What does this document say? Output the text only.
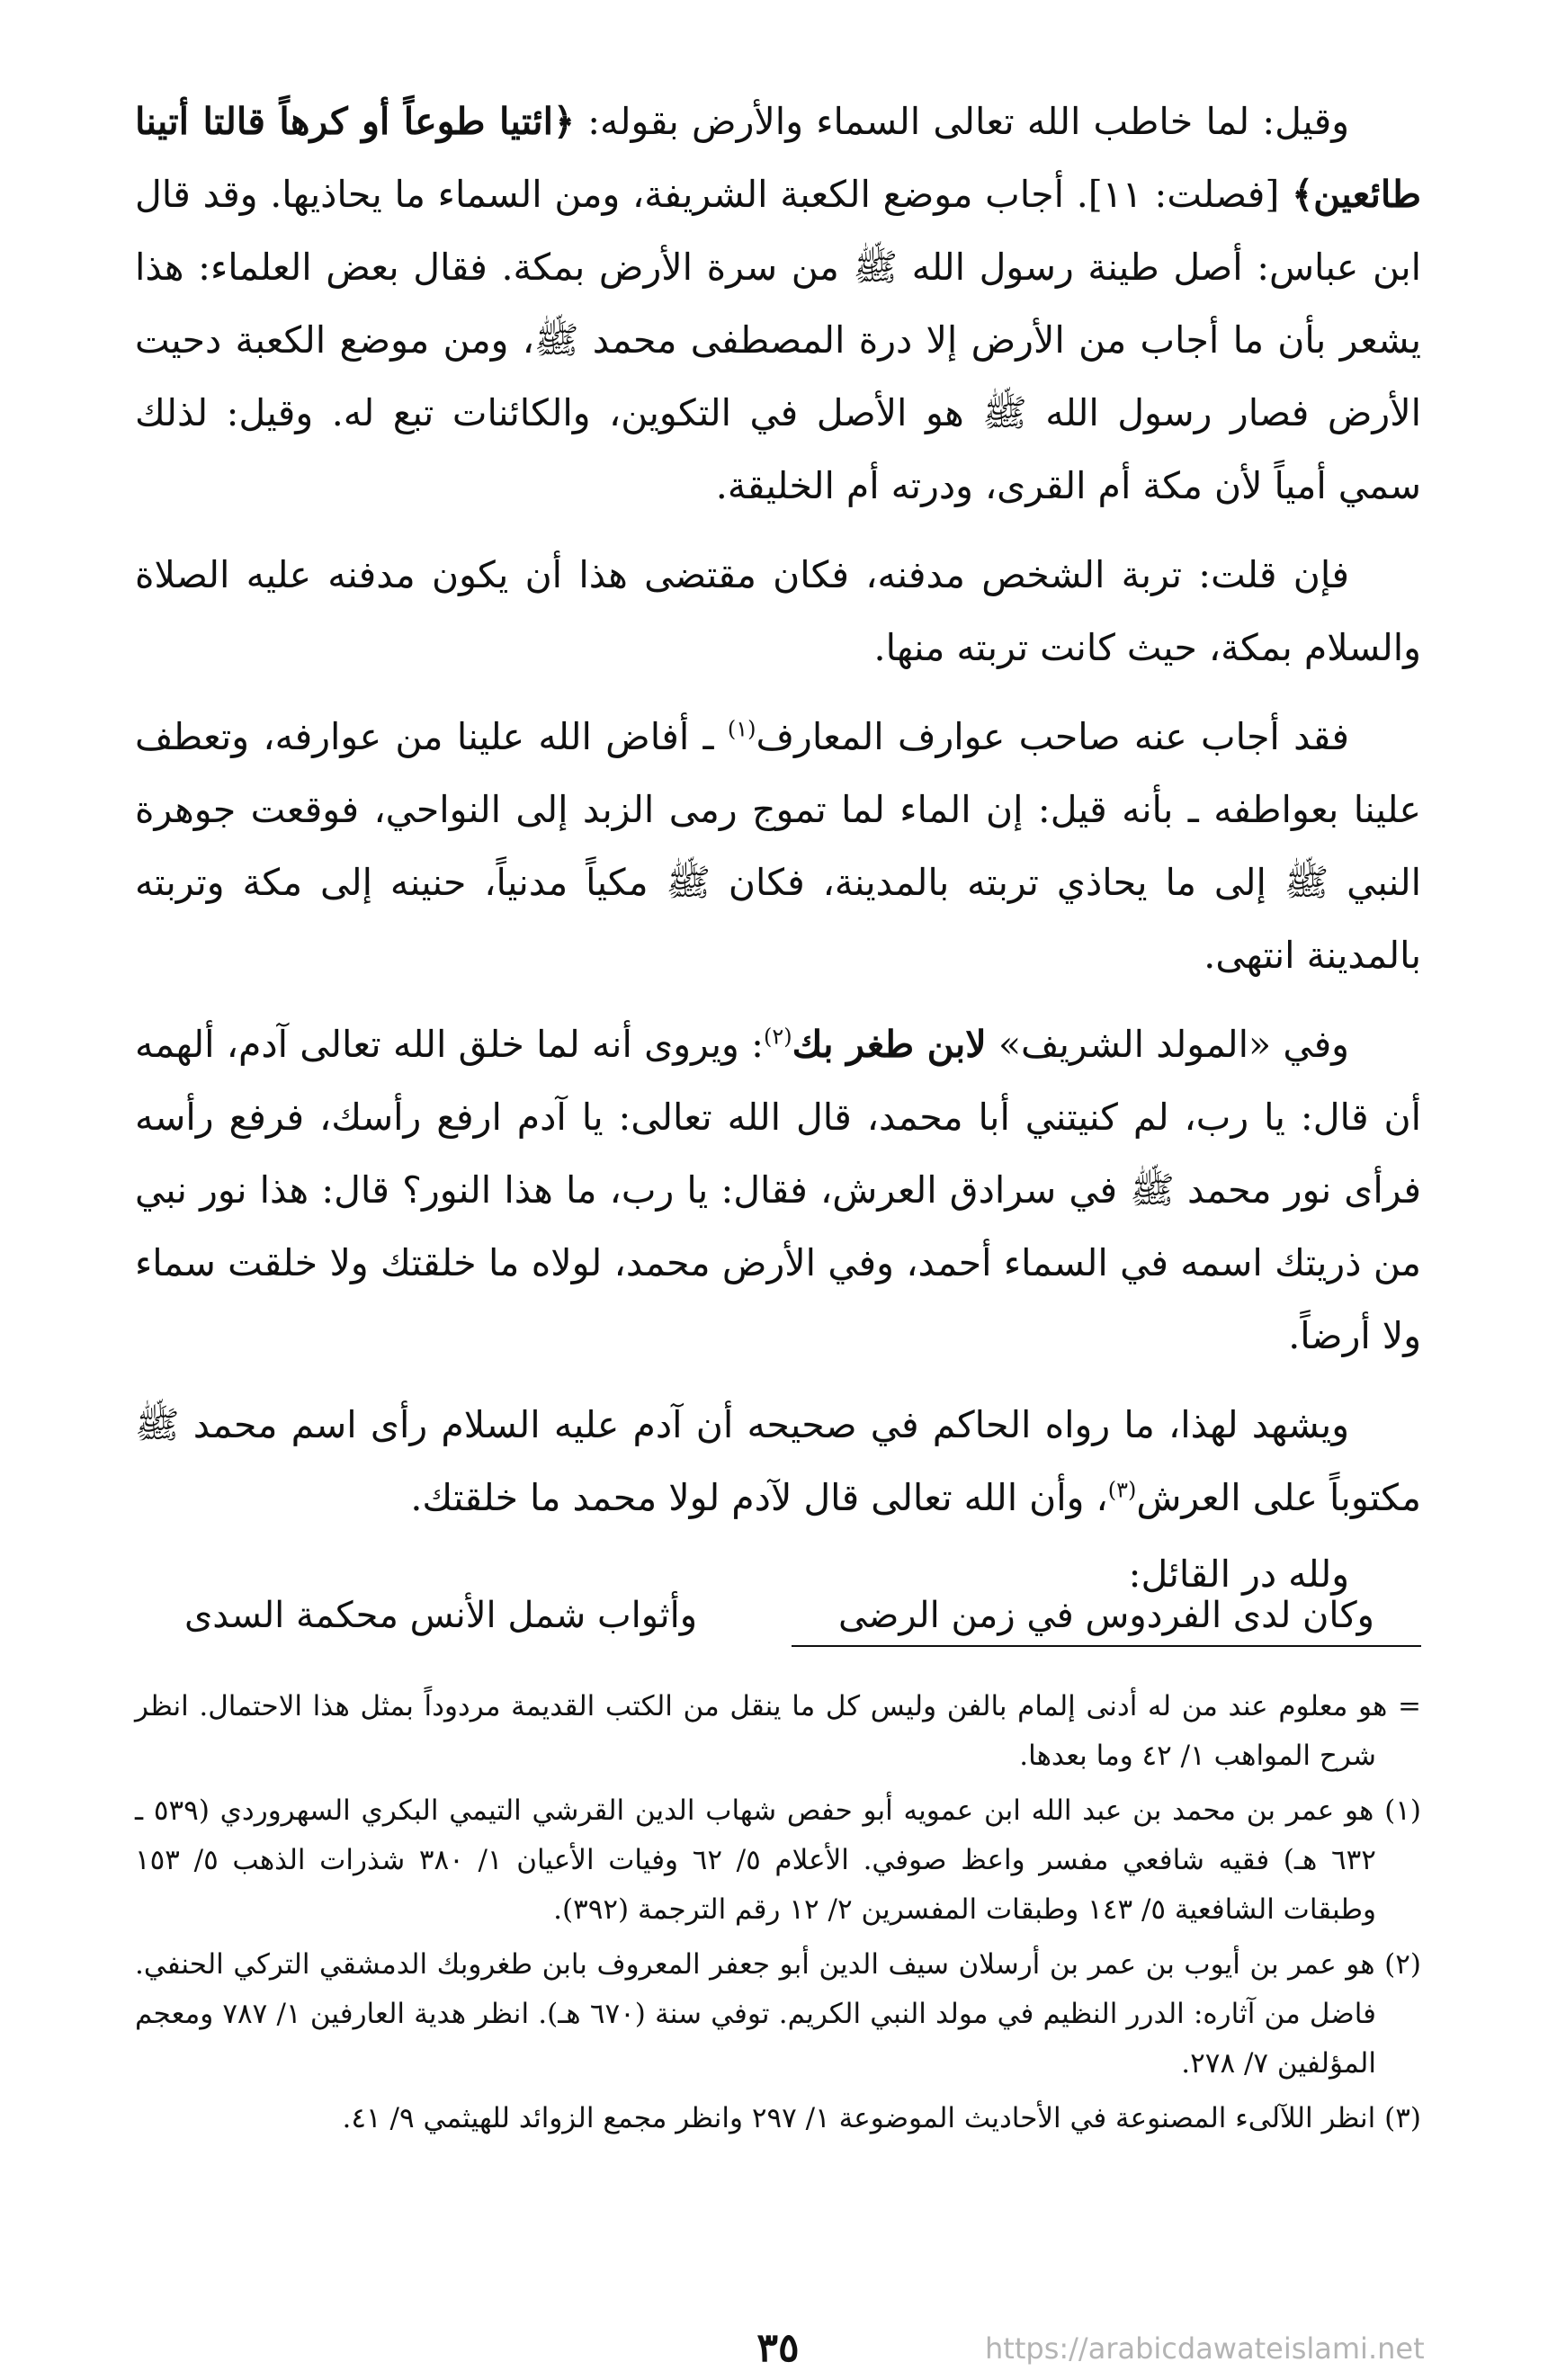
وقيل: لما خاطب الله تعالى السماء والأرض بقوله: ﴿ائتيا طوعاً أو كرهاً قالتا أتينا طائعين﴾ [فصلت: ١١]. أجاب موضع الكعبة الشريفة، ومن السماء ما يحاذيها. وقد قال ابن عباس: أصل طينة رسول الله ﷺ من سرة الأرض بمكة. فقال بعض العلماء: هذا يشعر بأن ما أجاب من الأرض إلا درة المصطفى محمد ﷺ، ومن موضع الكعبة دحيت الأرض فصار رسول الله ﷺ هو الأصل في التكوين، والكائنات تبع له. وقيل: لذلك سمي أمياً لأن مكة أم القرى، ودرته أم الخليقة.

فإن قلت: تربة الشخص مدفنه، فكان مقتضى هذا أن يكون مدفنه عليه الصلاة والسلام بمكة، حيث كانت تربته منها.

فقد أجاب عنه صاحب عوارف المعارف$^{(١)}$ ـ أفاض الله علينا من عوارفه، وتعطف علينا بعواطفه ـ بأنه قيل: إن الماء لما تموج رمى الزبد إلى النواحي، فوقعت جوهرة النبي ﷺ إلى ما يحاذي تربته بالمدينة، فكان ﷺ مكياً مدنياً، حنينه إلى مكة وتربته بالمدينة انتهى.

وفي «المولد الشريف» لابن طغر بك$^{(٢)}$: ويروى أنه لما خلق الله تعالى آدم، ألهمه أن قال: يا رب، لم كنيتني أبا محمد، قال الله تعالى: يا آدم ارفع رأسك، فرفع رأسه فرأى نور محمد ﷺ في سرادق العرش، فقال: يا رب، ما هذا النور؟ قال: هذا نور نبي من ذريتك اسمه في السماء أحمد، وفي الأرض محمد، لولاه ما خلقتك ولا خلقت سماء ولا أرضاً.

ويشهد لهذا، ما رواه الحاكم في صحيحه أن آدم عليه السلام رأى اسم محمد ﷺ مكتوباً على العرش$^{(٣)}$، وأن الله تعالى قال لآدم لولا محمد ما خلقتك.

ولله در القائل:

وكان لدى الفردوس في زمن الرضى
وأثواب شمل الأنس محكمة السدى

= هو معلوم عند من له أدنى إلمام بالفن وليس كل ما ينقل من الكتب القديمة مردوداً بمثل هذا الاحتمال. انظر شرح المواهب ١/ ٤٢ وما بعدها.

(١) هو عمر بن محمد بن عبد الله ابن عمويه أبو حفص شهاب الدين القرشي التيمي البكري السهروردي (٥٣٩ ـ ٦٣٢ هـ) فقيه شافعي مفسر واعظ صوفي. الأعلام ٥/ ٦٢ وفيات الأعيان ١/ ٣٨٠ شذرات الذهب ٥/ ١٥٣ وطبقات الشافعية ٥/ ١٤٣ وطبقات المفسرين ٢/ ١٢ رقم الترجمة (٣٩٢).

(٢) هو عمر بن أيوب بن عمر بن أرسلان سيف الدين أبو جعفر المعروف بابن طغروبك الدمشقي التركي الحنفي. فاضل من آثاره: الدرر النظيم في مولد النبي الكريم. توفي سنة (٦٧٠ هـ). انظر هدية العارفين ١/ ٧٨٧ ومعجم المؤلفين ٧/ ٢٧٨.

(٣) انظر اللآلىء المصنوعة في الأحاديث الموضوعة ١/ ٢٩٧ وانظر مجمع الزوائد للهيثمي ٩/ ٤١.

٣٥	https://arabicdawateislami.net
